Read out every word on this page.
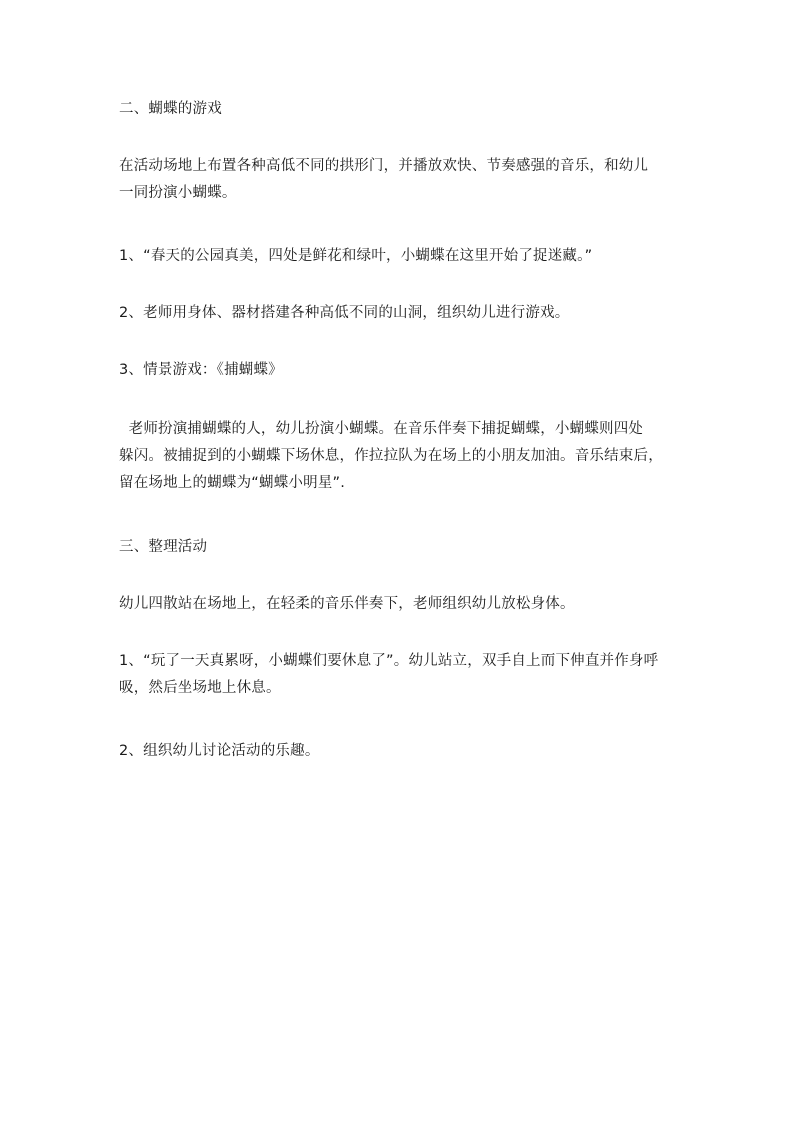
二、蝴蝶的游戏
在活动场地上布置各种高低不同的拱形门，并播放欢快、节奏感强的音乐，和幼儿
一同扮演小蝴蝶。
1、“春天的公园真美，四处是鲜花和绿叶，小蝴蝶在这里开始了捉迷藏。”
2、老师用身体、器材搭建各种高低不同的山洞，组织幼儿进行游戏。
3、情景游戏：《捕蝴蝶》
老师扮演捕蝴蝶的人，幼儿扮演小蝴蝶。在音乐伴奏下捕捉蝴蝶，小蝴蝶则四处
躲闪。被捕捉到的小蝴蝶下场休息，作拉拉队为在场上的小朋友加油。音乐结束后，
留在场地上的蝴蝶为“蝴蝶小明星”.
三、整理活动
幼儿四散站在场地上，在轻柔的音乐伴奏下，老师组织幼儿放松身体。
1、“玩了一天真累呀，小蝴蝶们要休息了”。幼儿站立，双手自上而下伸直并作身呼
吸，然后坐场地上休息。
2、组织幼儿讨论活动的乐趣。
